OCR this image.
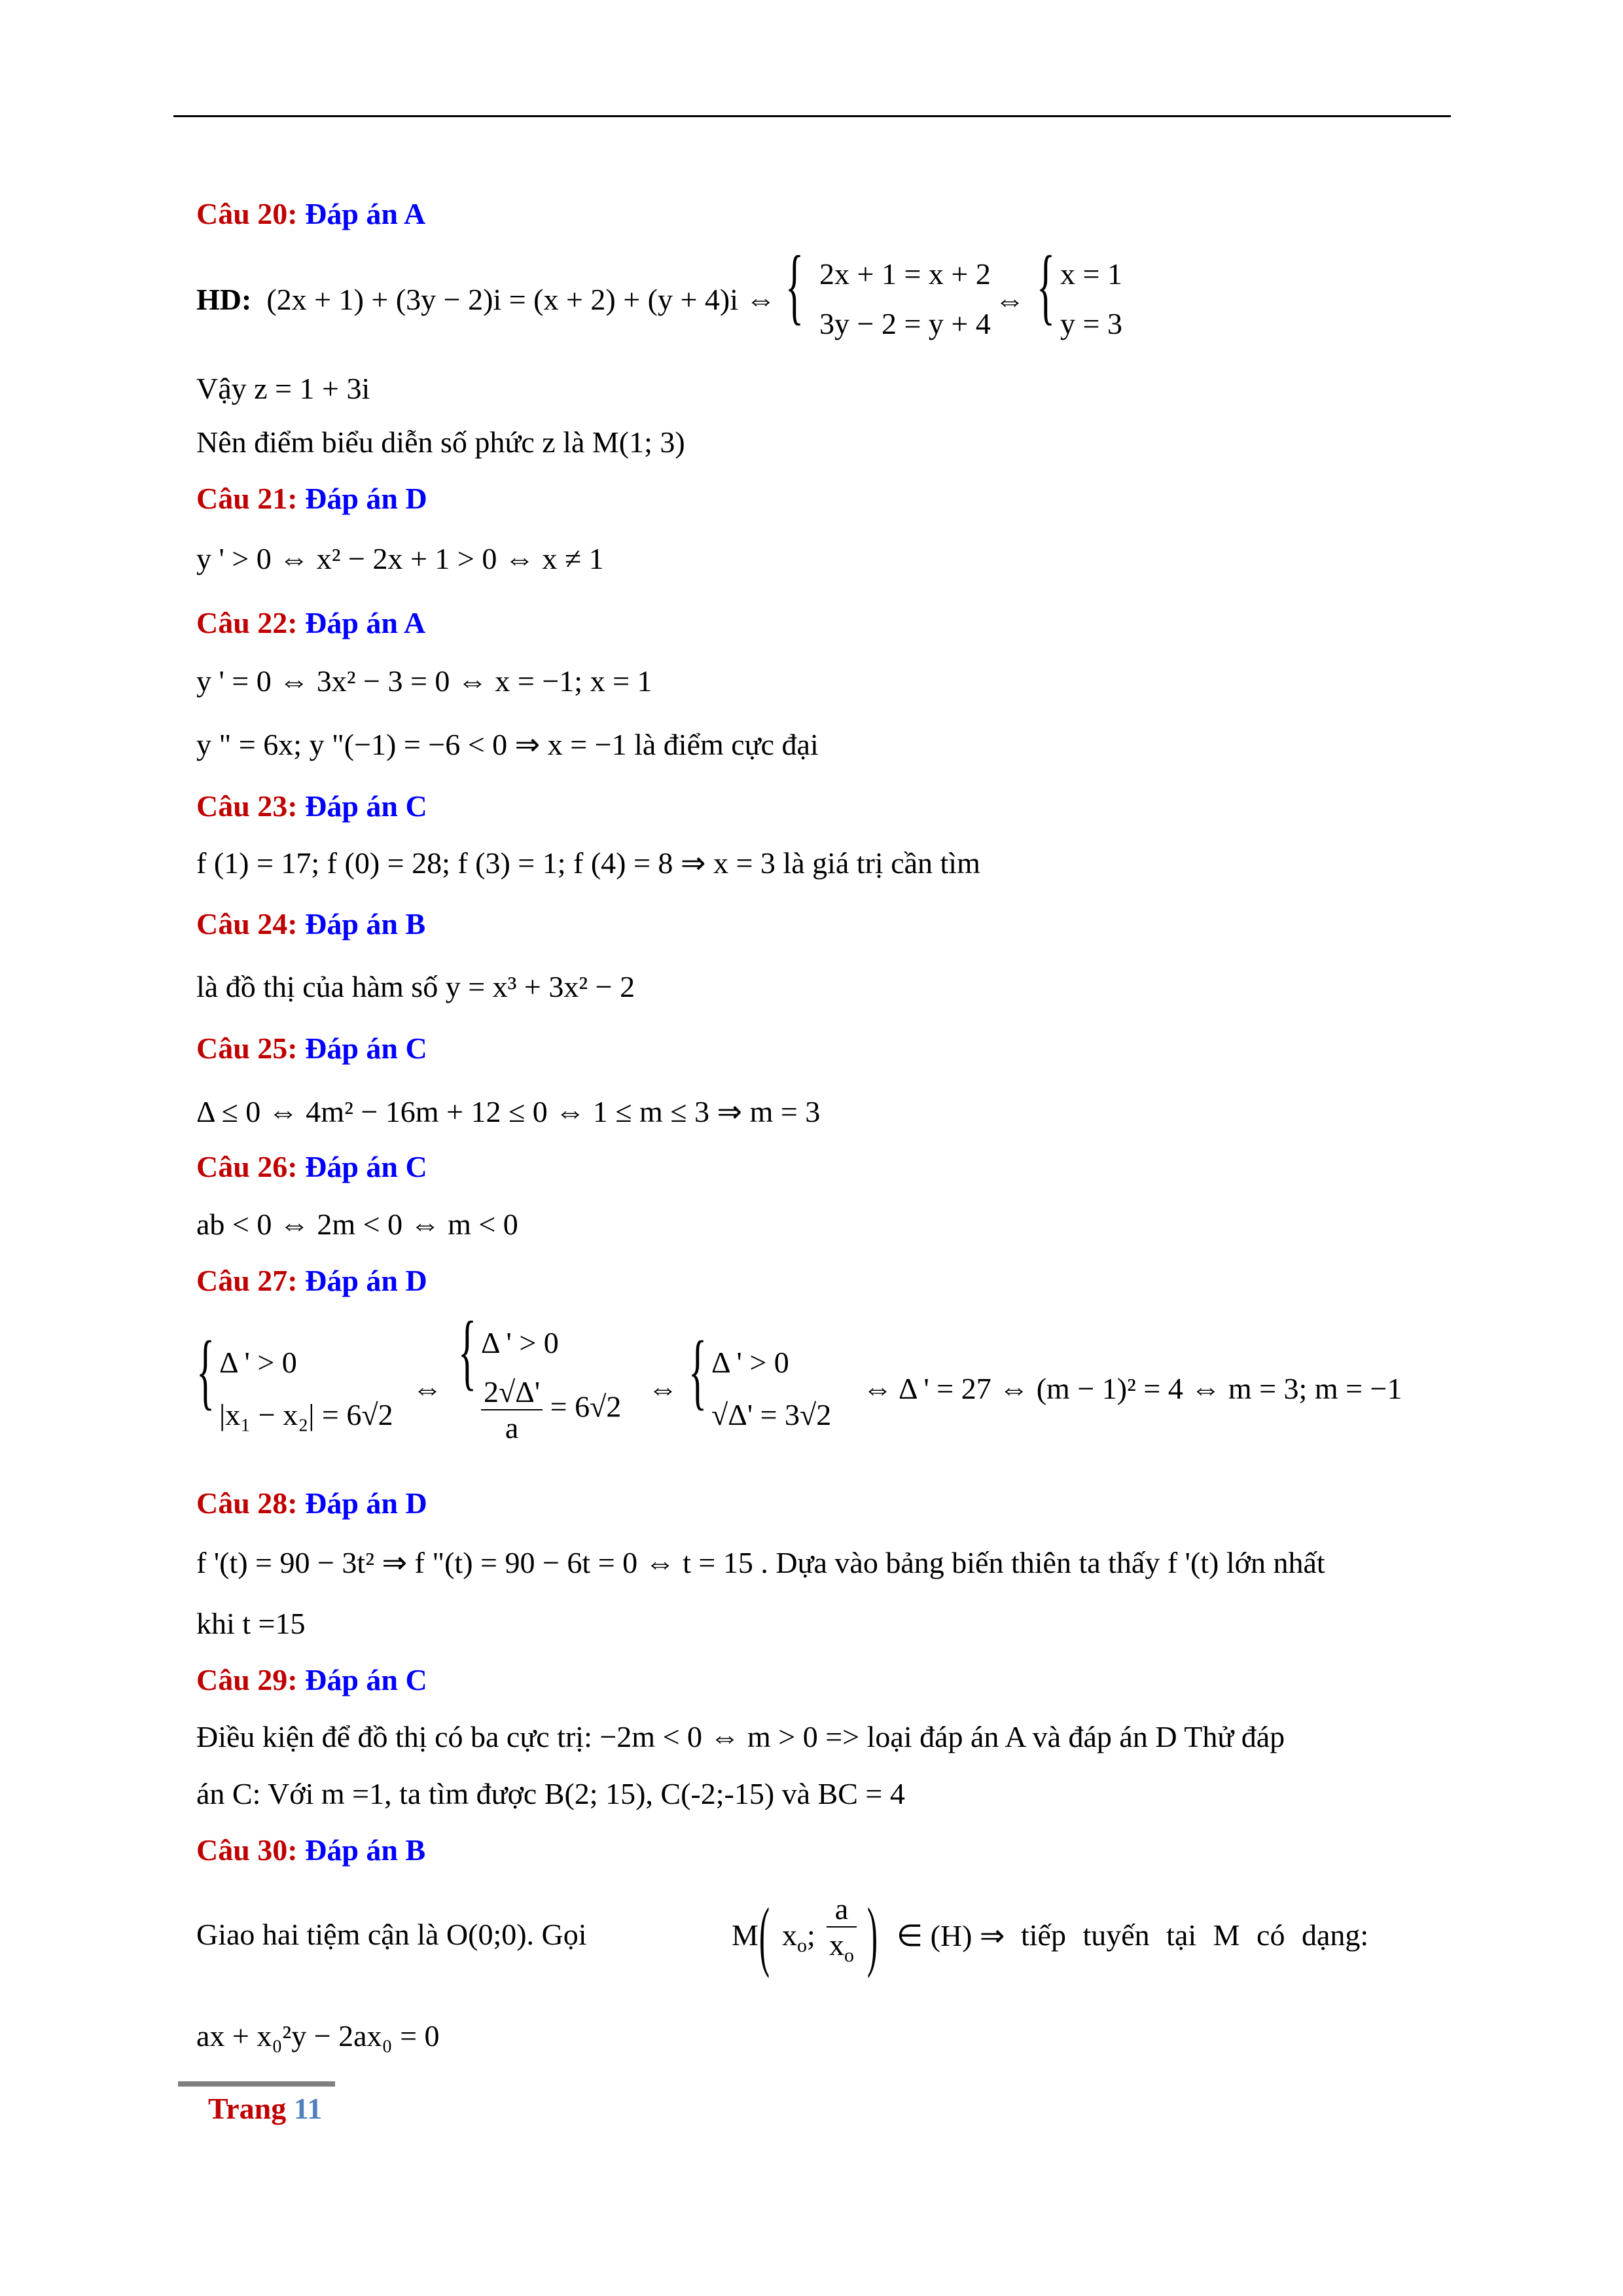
Câu 20: Đáp án A
HD: (2x + 1) + (3y − 2)i = (x + 2) + (y + 4)i ⇔ { 2x + 1 = x + 2
3y − 2 = y + 4
⇔ { x = 1
y = 3
Vậy z = 1 + 3i
Nên điểm biểu diễn số phức z là M(1; 3)
Câu 21: Đáp án D
y ' > 0 ⇔ x² − 2x + 1 > 0 ⇔ x ≠ 1
Câu 22: Đáp án A
y ' = 0 ⇔ 3x² − 3 = 0 ⇔ x = −1; x = 1
y " = 6x; y "(−1) = −6 < 0 ⇒ x = −1 là điểm cực đại
Câu 23: Đáp án C
f (1) = 17; f (0) = 28; f (3) = 1; f (4) = 8 ⇒ x = 3 là giá trị cần tìm
Câu 24: Đáp án B
là đồ thị của hàm số y = x³ + 3x² − 2
Câu 25: Đáp án C
Δ ≤ 0 ⇔ 4m² − 16m + 12 ≤ 0 ⇔ 1 ≤ m ≤ 3 ⇒ m = 3
Câu 26: Đáp án C
ab < 0 ⇔ 2m < 0 ⇔ m < 0
Câu 27: Đáp án D
{ Δ ' > 0
|x₁ − x₂| = 6√2
⇔ { Δ ' > 0
$\frac{2√\Delta'}{a} = 6√2$
⇔ { Δ ' > 0
√Δ' = 3√2
⇔ Δ ' = 27 ⇔ (m − 1)² = 4 ⇔ m = 3; m = −1
Câu 28: Đáp án D
f '(t) = 90 − 3t² ⇒ f "(t) = 90 − 6t = 0 ⇔ t = 15 . Dựa vào bảng biến thiên ta thấy f '(t) lớn nhất
khi t =15
Câu 29: Đáp án C
Điều kiện để đồ thị có ba cực trị: −2m < 0 ⇔ m > 0 => loại đáp án A và đáp án D Thử đáp
án C: Với m =1, ta tìm được B(2; 15), C(-2;-15) và BC = 4
Câu 30: Đáp án B
Giao hai tiệm cận là O(0;0). Gọi	M ( $x_o$; $\frac{a}{x_o}$ ) ∈ (H) ⇒ tiếp tuyến tại M có dạng:
ax + x₀²y − 2ax₀ = 0
Trang 11
